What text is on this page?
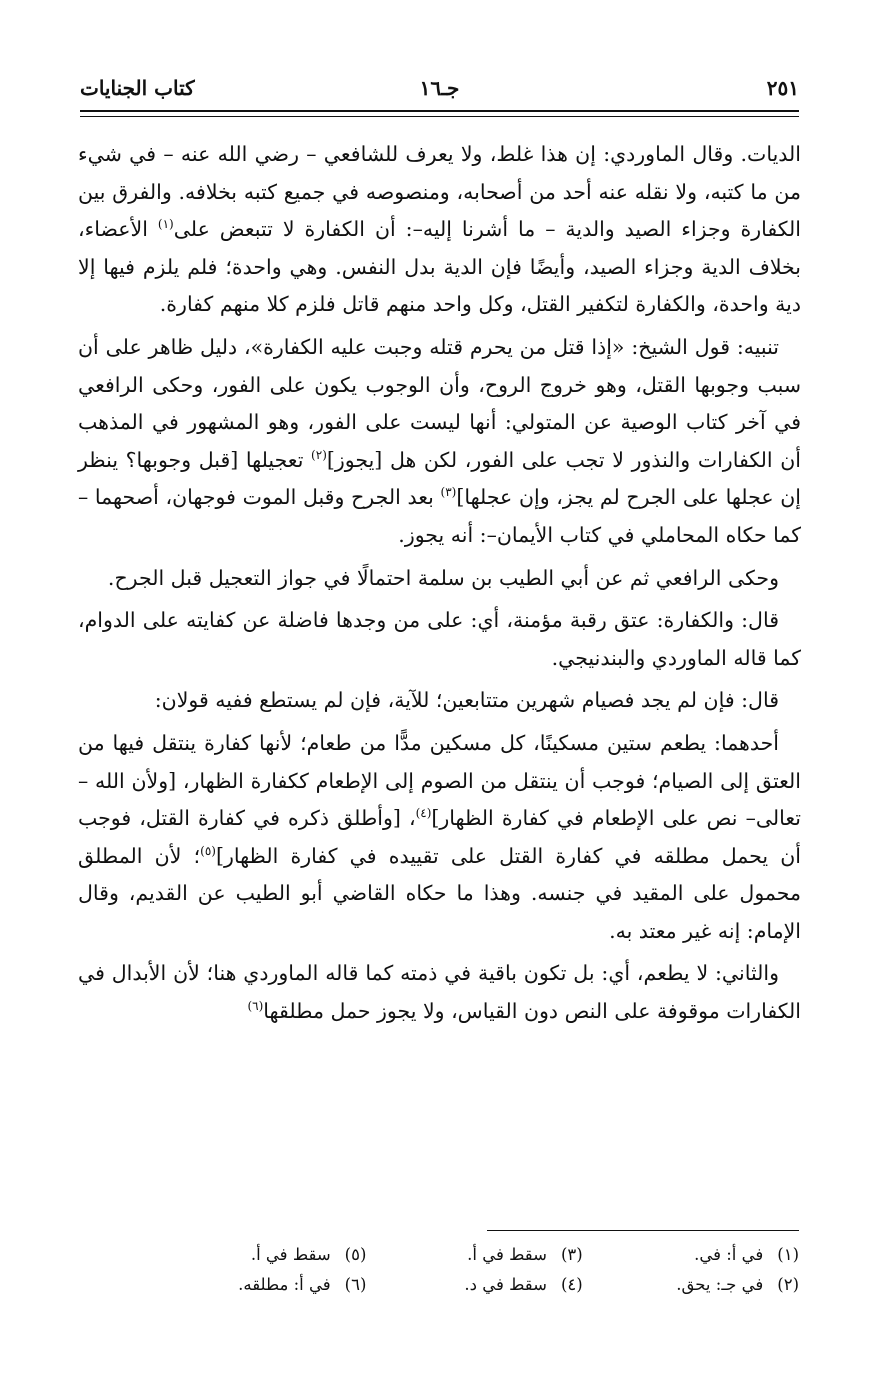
٢٥١
جـ١٦
كتاب الجنايات

الديات. وقال الماوردي: إن هذا غلط، ولا يعرف للشافعي – رضي الله عنه – في شيء من ما كتبه، ولا نقله عنه أحد من أصحابه، ومنصوصه في جميع كتبه بخلافه. والفرق بين الكفارة وجزاء الصيد والدية – ما أشرنا إليه–: أن الكفارة لا تتبعض على$^{(١)}$ الأعضاء، بخلاف الدية وجزاء الصيد، وأيضًا فإن الدية بدل النفس. وهي واحدة؛ فلم يلزم فيها إلا دية واحدة، والكفارة لتكفير القتل، وكل واحد منهم قاتل فلزم كلا منهم كفارة.

تنبيه: قول الشيخ: «إذا قتل من يحرم قتله وجبت عليه الكفارة»، دليل ظاهر على أن سبب وجوبها القتل، وهو خروج الروح، وأن الوجوب يكون على الفور، وحكى الرافعي في آخر كتاب الوصية عن المتولي: أنها ليست على الفور، وهو المشهور في المذهب أن الكفارات والنذور لا تجب على الفور، لكن هل [يجوز]$^{(٢)}$ تعجيلها [قبل وجوبها؟ ينظر إن عجلها على الجرح لم يجز، وإن عجلها]$^{(٣)}$ بعد الجرح وقبل الموت فوجهان، أصحهما – كما حكاه المحاملي في كتاب الأيمان–: أنه يجوز.

وحكى الرافعي ثم عن أبي الطيب بن سلمة احتمالًا في جواز التعجيل قبل الجرح.

قال: والكفارة: عتق رقبة مؤمنة، أي: على من وجدها فاضلة عن كفايته على الدوام، كما قاله الماوردي والبندنيجي.

قال: فإن لم يجد فصيام شهرين متتابعين؛ للآية، فإن لم يستطع ففيه قولان:

أحدهما: يطعم ستين مسكينًا، كل مسكين مدًّا من طعام؛ لأنها كفارة ينتقل فيها من العتق إلى الصيام؛ فوجب أن ينتقل من الصوم إلى الإطعام ككفارة الظهار، [ولأن الله – تعالى– نص على الإطعام في كفارة الظهار]$^{(٤)}$، [وأطلق ذكره في كفارة القتل، فوجب أن يحمل مطلقه في كفارة القتل على تقييده في كفارة الظهار]$^{(٥)}$؛ لأن المطلق محمول على المقيد في جنسه. وهذا ما حكاه القاضي أبو الطيب عن القديم، وقال الإمام: إنه غير معتد به.

والثاني: لا يطعم، أي: بل تكون باقية في ذمته كما قاله الماوردي هنا؛ لأن الأبدال في الكفارات موقوفة على النص دون القياس، ولا يجوز حمل مطلقها$^{(٦)}$

(١)في أ: في.
(٣)سقط في أ.
(٥)سقط في أ.
(٢)في جـ: يحق.
(٤)سقط في د.
(٦)في أ: مطلقه.
